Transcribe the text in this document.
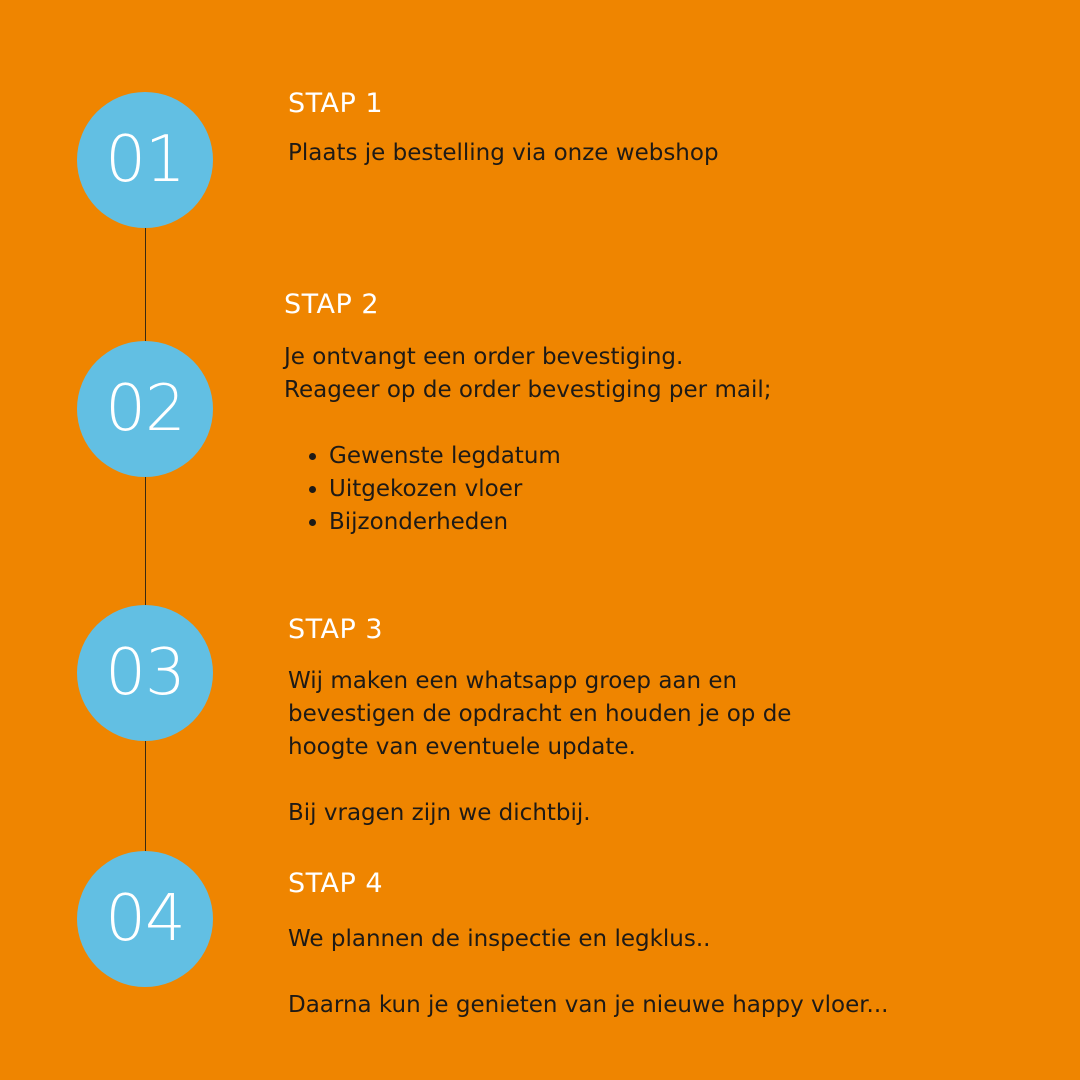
01
STAP 1

Plaats je bestelling via onze webshop

02
STAP 2

Je ontvangt een order bevestiging.

Reageer op de order bevestiging per mail;

• Gewenste legdatum
• Uitgekozen vloer
• Bijzonderheden
03
STAP 3

Wij maken een whatsapp groep aan en

bevestigen de opdracht en houden je op de

hoogte van eventuele update.

Bij vragen zijn we dichtbij.

04	STAP 4

We plannen de inspectie en legklus..

Daarna kun je genieten van je nieuwe happy vloer...
